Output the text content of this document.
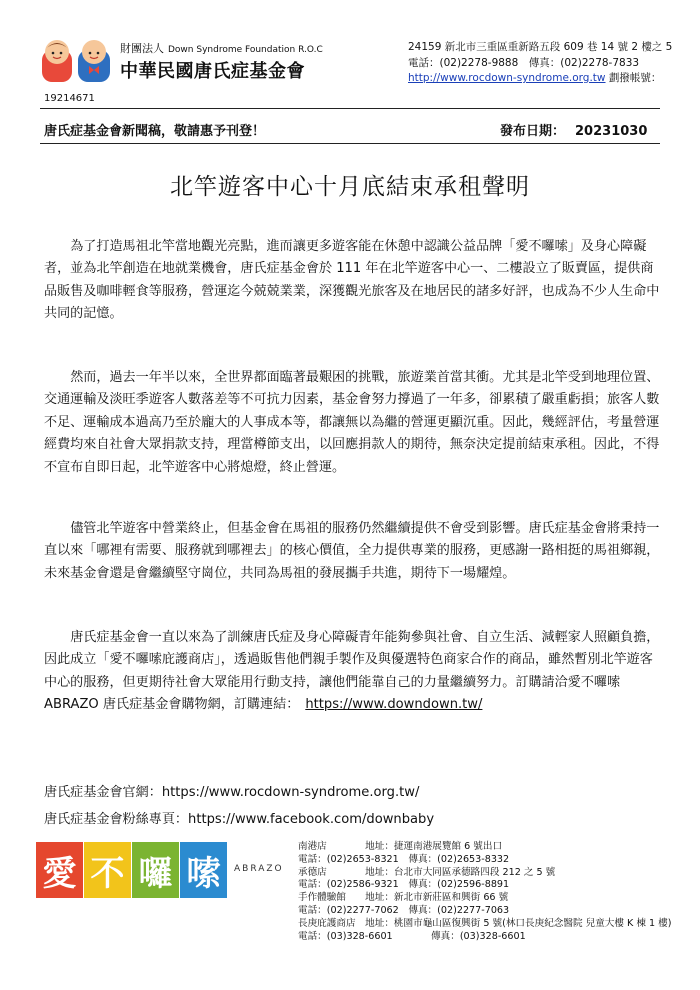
財團法人 Down Syndrome Foundation R.O.C
中華民國唐氏症基金會
24159 新北市三重區重新路五段 609 巷 14 號 2 樓之 5
電話：(02)2278-9888　傳真：(02)2278-7833
http://www.rocdown-syndrome.org.tw 劃撥帳號：
19214671
唐氏症基金會新聞稿，敬請惠予刊登！	發布日期： 20231030
北竿遊客中心十月底結束承租聲明

為了打造馬祖北竿當地觀光亮點，進而讓更多遊客能在休憩中認識公益品牌「愛不囉嗦」及身心障礙者，並為北竿創造在地就業機會，唐氏症基金會於 111 年在北竿遊客中心一、二樓設立了販賣區，提供商品販售及咖啡輕食等服務，營運迄今兢兢業業，深獲觀光旅客及在地居民的諸多好評，也成為不少人生命中共同的記憶。

然而，過去一年半以來，全世界都面臨著最艱困的挑戰，旅遊業首當其衝。尤其是北竿受到地理位置、交通運輸及淡旺季遊客人數落差等不可抗力因素，基金會努力撐過了一年多，卻累積了嚴重虧損；旅客人數不足、運輸成本過高乃至於龐大的人事成本等，都讓無以為繼的營運更顯沉重。因此，幾經評估，考量營運經費均來自社會大眾捐款支持，理當樽節支出，以回應捐款人的期待，無奈決定提前結束承租。因此，不得不宣布自即日起，北竿遊客中心將熄燈，終止營運。

儘管北竿遊客中營業終止，但基金會在馬祖的服務仍然繼續提供不會受到影響。唐氏症基金會將秉持一直以來「哪裡有需要、服務就到哪裡去」的核心價值，全力提供專業的服務，更感謝一路相挺的馬祖鄉親，未來基金會還是會繼續堅守崗位，共同為馬祖的發展攜手共進，期待下一場耀煌。

唐氏症基金會一直以來為了訓練唐氏症及身心障礙青年能夠參與社會、自立生活、減輕家人照顧負擔，因此成立「愛不囉嗦庇護商店」，透過販售他們親手製作及與優選特色商家合作的商品，雖然暫別北竿遊客中心的服務，但更期待社會大眾能用行動支持，讓他們能靠自己的力量繼續努力。訂購請洽愛不囉嗦 ABRAZO 唐氏症基金會購物網，訂購連結： https://www.downdown.tw/

唐氏症基金會官網：https://www.rocdown-syndrome.org.tw/
唐氏症基金會粉絲專頁：https://www.facebook.com/downbaby
愛 不 囉 嗦	ABRAZO
南港店　　　　地址：捷運南港展覽館 6 號出口
電話：(02)2653-8321　傳真：(02)2653-8332
承德店　　　　地址：台北市大同區承德路四段 212 之 5 號
電話：(02)2586-9321　傳真：(02)2596-8891
手作體驗館　　地址：新北市新莊區和興街 66 號
電話：(02)2277-7062　傳真：(02)2277-7063
長庚庇護商店　地址：桃園市龜山區復興街 5 號(林口長庚紀念醫院 兒童大樓 K 棟 1 樓)
電話：(03)328-6601　　　　傳真：(03)328-6601
